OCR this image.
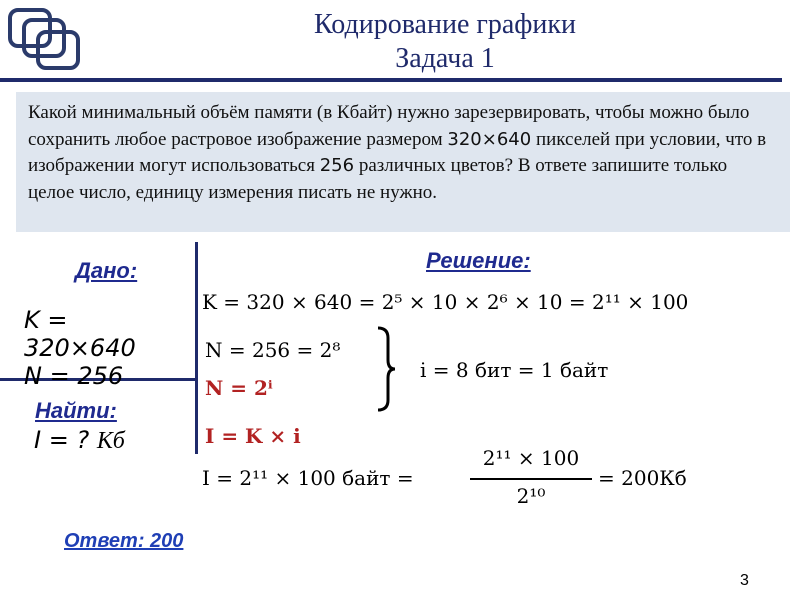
Кодирование графики
Задача 1
Какой минимальный объём памяти (в Кбайт) нужно зарезервировать, чтобы можно было сохранить любое растровое изображение размером 320×640 пикселей при условии, что в изображении могут использоваться 256 различных цветов? В ответе запишите только целое число, единицу измерения писать не нужно.
Дано:	Решение:
Найти:
K =
320×640
N = 256
I = ? Кб
K = 320 × 640 = 2⁵ × 10 × 2⁶ × 10 = 2¹¹ × 100
N = 256 = 2⁸
N = 2ⁱ
I = K × i
i = 8 бит = 1 байт
I = 2¹¹ × 100 байт =
2¹¹ × 100
2¹⁰
= 200Кб
Ответ: 200
3
